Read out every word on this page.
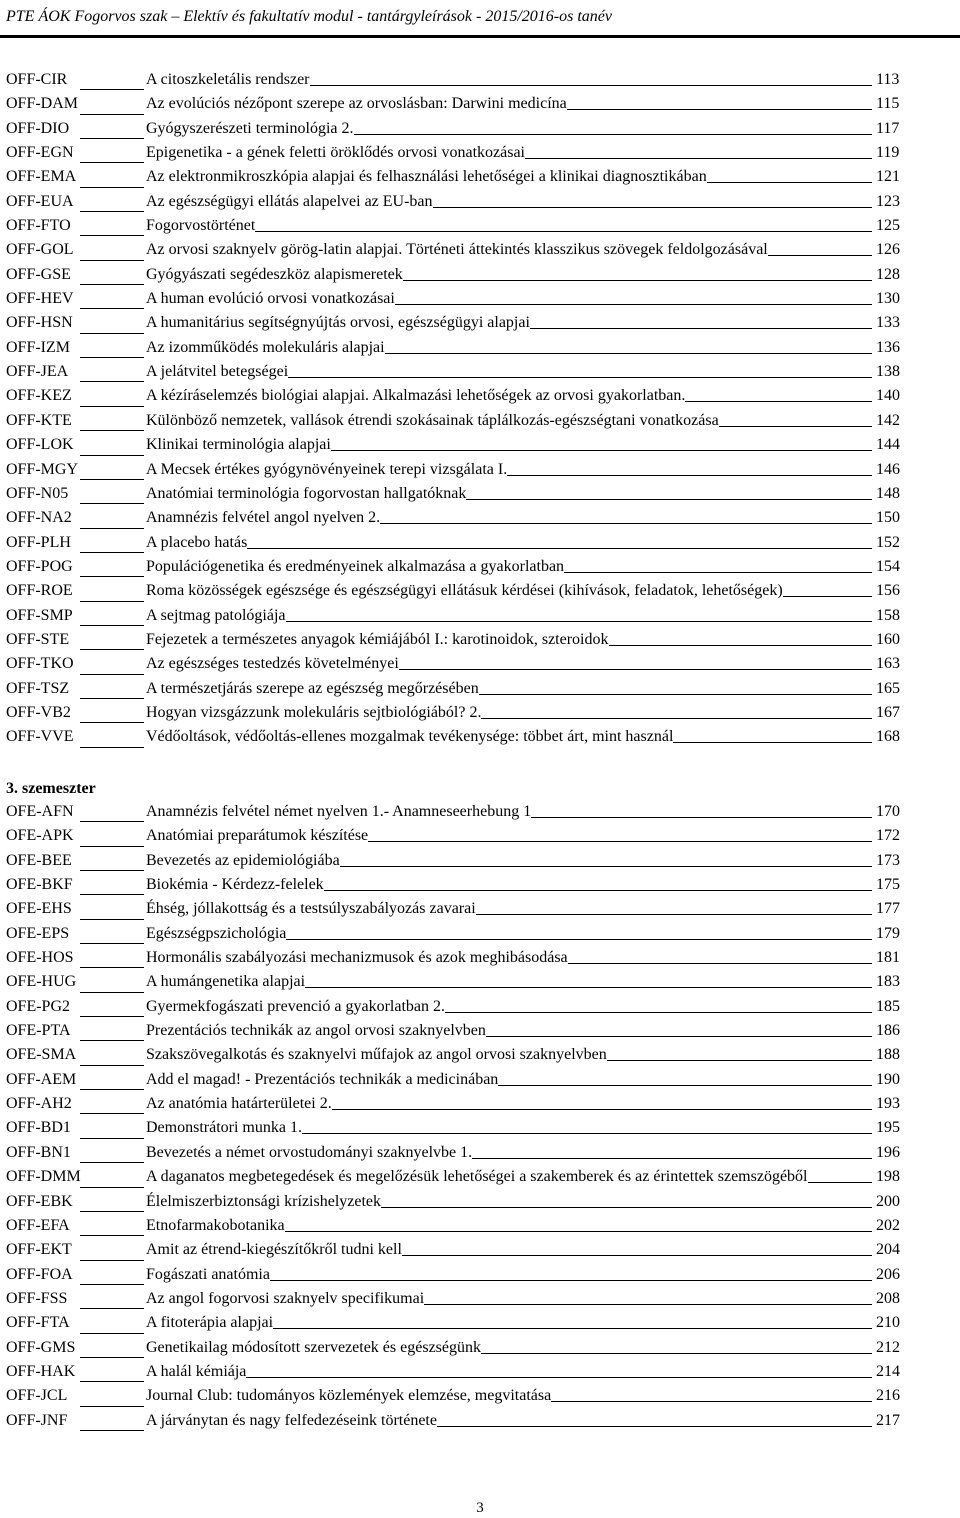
PTE ÁOK Fogorvos szak – Elektív és fakultatív modul - tantárgyleírások - 2015/2016-os tanév
OFF-CIR	A citoszkeletális rendszer	113
OFF-DAM	Az evolúciós nézőpont szerepe az orvoslásban: Darwini medicína	115
OFF-DIO	Gyógyszerészeti terminológia 2.	117
OFF-EGN	Epigenetika - a gének feletti öröklődés orvosi vonatkozásai	119
OFF-EMA	Az elektronmikroszkópia alapjai és felhasználási lehetőségei a klinikai diagnosztikában	121
OFF-EUA	Az egészségügyi ellátás alapelvei az EU-ban	123
OFF-FTO	Fogorvostörténet	125
OFF-GOL	Az orvosi szaknyelv görög-latin alapjai. Történeti áttekintés klasszikus szövegek feldolgozásával	126
OFF-GSE	Gyógyászati segédeszköz alapismeretek	128
OFF-HEV	A human evolúció orvosi vonatkozásai	130
OFF-HSN	A humanitárius segítségnyújtás orvosi, egészségügyi alapjai	133
OFF-IZM	Az izomműködés molekuláris alapjai	136
OFF-JEA	A jelátvitel betegségei	138
OFF-KEZ	A kézíráselemzés biológiai alapjai. Alkalmazási lehetőségek az orvosi gyakorlatban.	140
OFF-KTE	Különböző nemzetek, vallások étrendi szokásainak táplálkozás-egészségtani vonatkozása	142
OFF-LOK	Klinikai terminológia alapjai	144
OFF-MGY	A Mecsek értékes gyógynövényeinek terepi vizsgálata I.	146
OFF-N05	Anatómiai terminológia fogorvostan hallgatóknak	148
OFF-NA2	Anamnézis felvétel angol nyelven 2.	150
OFF-PLH	A placebo hatás	152
OFF-POG	Populációgenetika és eredményeinek alkalmazása a gyakorlatban	154
OFF-ROE	Roma közösségek egészsége és egészségügyi ellátásuk kérdései (kihívások, feladatok, lehetőségek)	156
OFF-SMP	A sejtmag patológiája	158
OFF-STE	Fejezetek a természetes anyagok kémiájából I.: karotinoidok, szteroidok	160
OFF-TKO	Az egészséges testedzés követelményei	163
OFF-TSZ	A természetjárás szerepe az egészség megőrzésében	165
OFF-VB2	Hogyan vizsgázzunk molekuláris sejtbiológiából? 2.	167
OFF-VVE	Védőoltások, védőoltás-ellenes mozgalmak tevékenysége: többet árt, mint használ	168
3. szemeszter
OFE-AFN	Anamnézis felvétel német nyelven 1.- Anamneseerhebung 1	170
OFE-APK	Anatómiai preparátumok készítése	172
OFE-BEE	Bevezetés az epidemiológiába	173
OFE-BKF	Biokémia - Kérdezz-felelek	175
OFE-EHS	Éhség, jóllakottság és a testsúlyszabályozás zavarai	177
OFE-EPS	Egészségpszichológia	179
OFE-HOS	Hormonális szabályozási mechanizmusok és azok meghibásodása	181
OFE-HUG	A humángenetika alapjai	183
OFE-PG2	Gyermekfogászati prevenció a gyakorlatban 2.	185
OFE-PTA	Prezentációs technikák az angol orvosi szaknyelvben	186
OFE-SMA	Szakszövegalkotás és szaknyelvi műfajok az angol orvosi szaknyelvben	188
OFF-AEM	Add el magad! - Prezentációs technikák a medicinában	190
OFF-AH2	Az anatómia határterületei 2.	193
OFF-BD1	Demonstrátori munka 1.	195
OFF-BN1	Bevezetés a német orvostudományi szaknyelvbe 1.	196
OFF-DMM	A daganatos megbetegedések és megelőzésük lehetőségei a szakemberek és az érintettek szemszögéből	198
OFF-EBK	Élelmiszerbiztonsági krízishelyzetek	200
OFF-EFA	Etnofarmakobotanika	202
OFF-EKT	Amit az étrend-kiegészítőkről tudni kell	204
OFF-FOA	Fogászati anatómia	206
OFF-FSS	Az angol fogorvosi szaknyelv specifikumai	208
OFF-FTA	A fitoterápia alapjai	210
OFF-GMS	Genetikailag módosított szervezetek és egészségünk	212
OFF-HAK	A halál kémiája	214
OFF-JCL	Journal Club: tudományos közlemények elemzése, megvitatása	216
OFF-JNF	A járványtan és nagy felfedezéseink története	217
3
